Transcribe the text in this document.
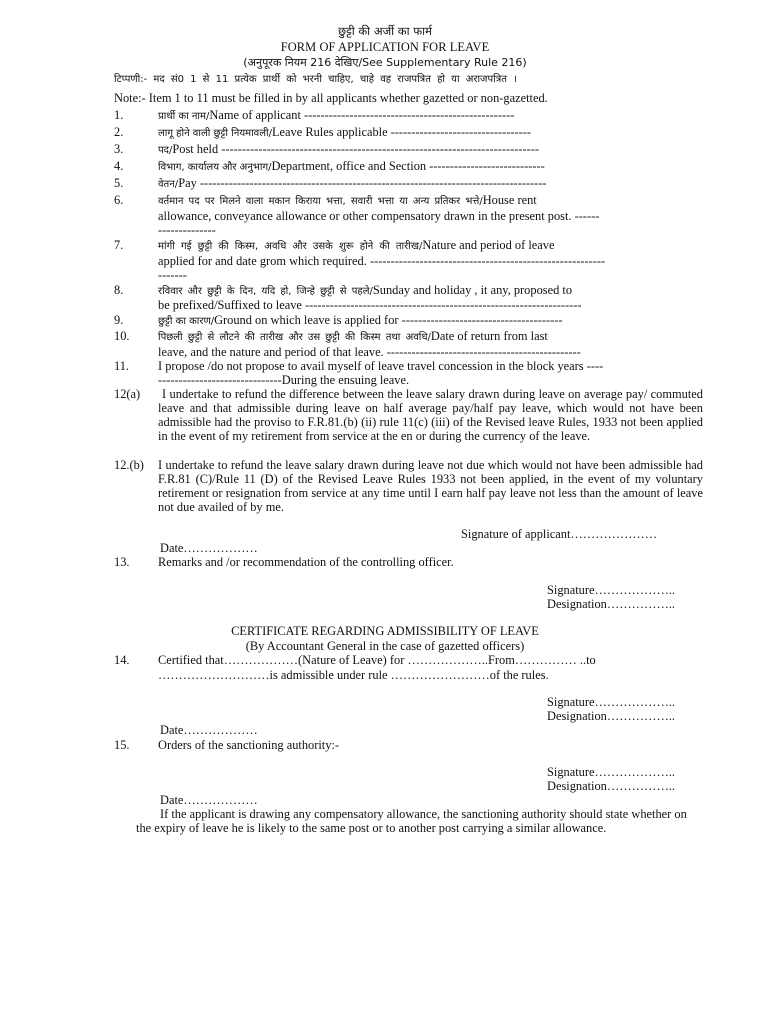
छुट्टी की अर्जी का फार्म
FORM OF APPLICATION FOR LEAVE
(अनुपूरक नियम 216 देखिए/See Supplementary Rule 216)
टिप्पणी:- मद सं0 1 से 11 प्रत्येक प्रार्थी को भरनी चाहिए, चाहे वह राजपत्रित हो या अराजपत्रित ।
Note:- Item 1 to 11 must be filled in by all applicants whether gazetted or non-gazetted.
1.	प्रार्थी का नाम/Name of applicant ---------------------------------------------------
2.	लागू होने वाली छुट्टी नियमावली/Leave Rules applicable ----------------------------------
3.	पद/Post held -----------------------------------------------------------------------------
4.	विभाग, कार्यालय और अनुभाग/Department, office and Section ----------------------------
5.	वेतन/Pay ------------------------------------------------------------------------------------
6.	वर्तमान पद पर मिलने वाला मकान किराया भत्ता, सवारी भत्ता या अन्य प्रतिकर भत्ते/House rent
allowance, conveyance allowance or other compensatory drawn in the present post. ------
--------------
7.	मांगी गई छुट्टी की किस्म, अवधि और उसके शुरू होने की तारीख/Nature and period of leave
applied for and date grom which required. ---------------------------------------------------------
-------
8.	रविवार और छुट्टी के दिन, यदि हो, जिन्हे छुट्टी से पहले/Sunday and holiday , it any, proposed to
be prefixed/Suffixed to leave -------------------------------------------------------------------
9.	छुट्टी का कारण/Ground on which leave is applied for ---------------------------------------
10.	पिछली छुट्टी से लौटने की तारीख और उस छुट्टी की किस्म तथा अवधि/Date of return from last
leave, and the nature and period of that leave. -----------------------------------------------
11. I propose /do not propose to avail myself of leave travel concession in the block years ----
------------------------------During the ensuing leave.
12(a)	I undertake to refund the difference between the leave salary drawn during leave on average pay/ commuted leave and that admissible during leave on half average pay/half pay leave, which would not have been admissible had the proviso to F.R.81.(b) (ii) rule 11(c) (iii) of the Revised leave Rules, 1933 not been applied in the event of my retirement from service at the en or during the currency of the leave.
12.(b) I undertake to refund the leave salary drawn during leave not due which would not have been admissible had F.R.81 (C)/Rule 11 (D) of the Revised Leave Rules 1933 not been applied, in the event of my voluntary retirement or resignation from service at any time until I earn half pay leave not less than the amount of leave not due availed of by me.
Signature of applicant…………………
Date………………
13. Remarks and /or recommendation of the controlling officer.
Signature………………..
Designation……………..
CERTIFICATE REGARDING ADMISSIBILITY OF LEAVE
(By Accountant General in the case of gazetted officers)
14. Certified that………………(Nature of Leave) for ………………..From…………… ..to
………………………is admissible under rule ……………………of the rules.
Signature………………..
Designation……………..
Date………………
15. Orders of the sanctioning authority:-
Signature………………..
Designation……………..
Date………………
If the applicant is drawing any compensatory allowance, the sanctioning authority should state whether on the expiry of leave he is likely to the same post or to another post carrying a similar allowance.
